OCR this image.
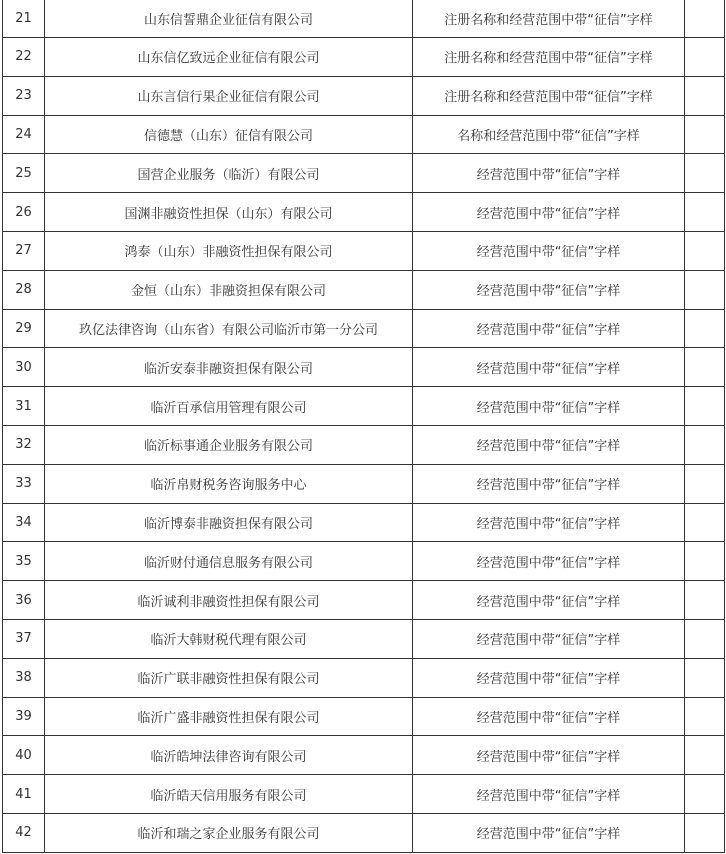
21	山东信誓鼎企业征信有限公司	注册名称和经营范围中带“征信”字样	
22	山东信亿致远企业征信有限公司	注册名称和经营范围中带“征信”字样	
23	山东言信行果企业征信有限公司	注册名称和经营范围中带“征信”字样	
24	信德慧（山东）征信有限公司	名称和经营范围中带“征信”字样	
25	国营企业服务（临沂）有限公司	经营范围中带“征信”字样	
26	国渊非融资性担保（山东）有限公司	经营范围中带“征信”字样	
27	鸿泰（山东）非融资性担保有限公司	经营范围中带“征信”字样	
28	金恒（山东）非融资担保有限公司	经营范围中带“征信”字样	
29	玖亿法律咨询（山东省）有限公司临沂市第一分公司	经营范围中带“征信”字样	
30	临沂安泰非融资担保有限公司	经营范围中带“征信”字样	
31	临沂百承信用管理有限公司	经营范围中带“征信”字样	
32	临沂标事通企业服务有限公司	经营范围中带“征信”字样	
33	临沂帛财税务咨询服务中心	经营范围中带“征信”字样	
34	临沂博泰非融资担保有限公司	经营范围中带“征信”字样	
35	临沂财付通信息服务有限公司	经营范围中带“征信”字样	
36	临沂诚利非融资性担保有限公司	经营范围中带“征信”字样	
37	临沂大韩财税代理有限公司	经营范围中带“征信”字样	
38	临沂广联非融资性担保有限公司	经营范围中带“征信”字样	
39	临沂广盛非融资性担保有限公司	经营范围中带“征信”字样	
40	临沂皓坤法律咨询有限公司	经营范围中带“征信”字样	
41	临沂皓天信用服务有限公司	经营范围中带“征信”字样	
42	临沂和瑞之家企业服务有限公司	经营范围中带“征信”字样	
